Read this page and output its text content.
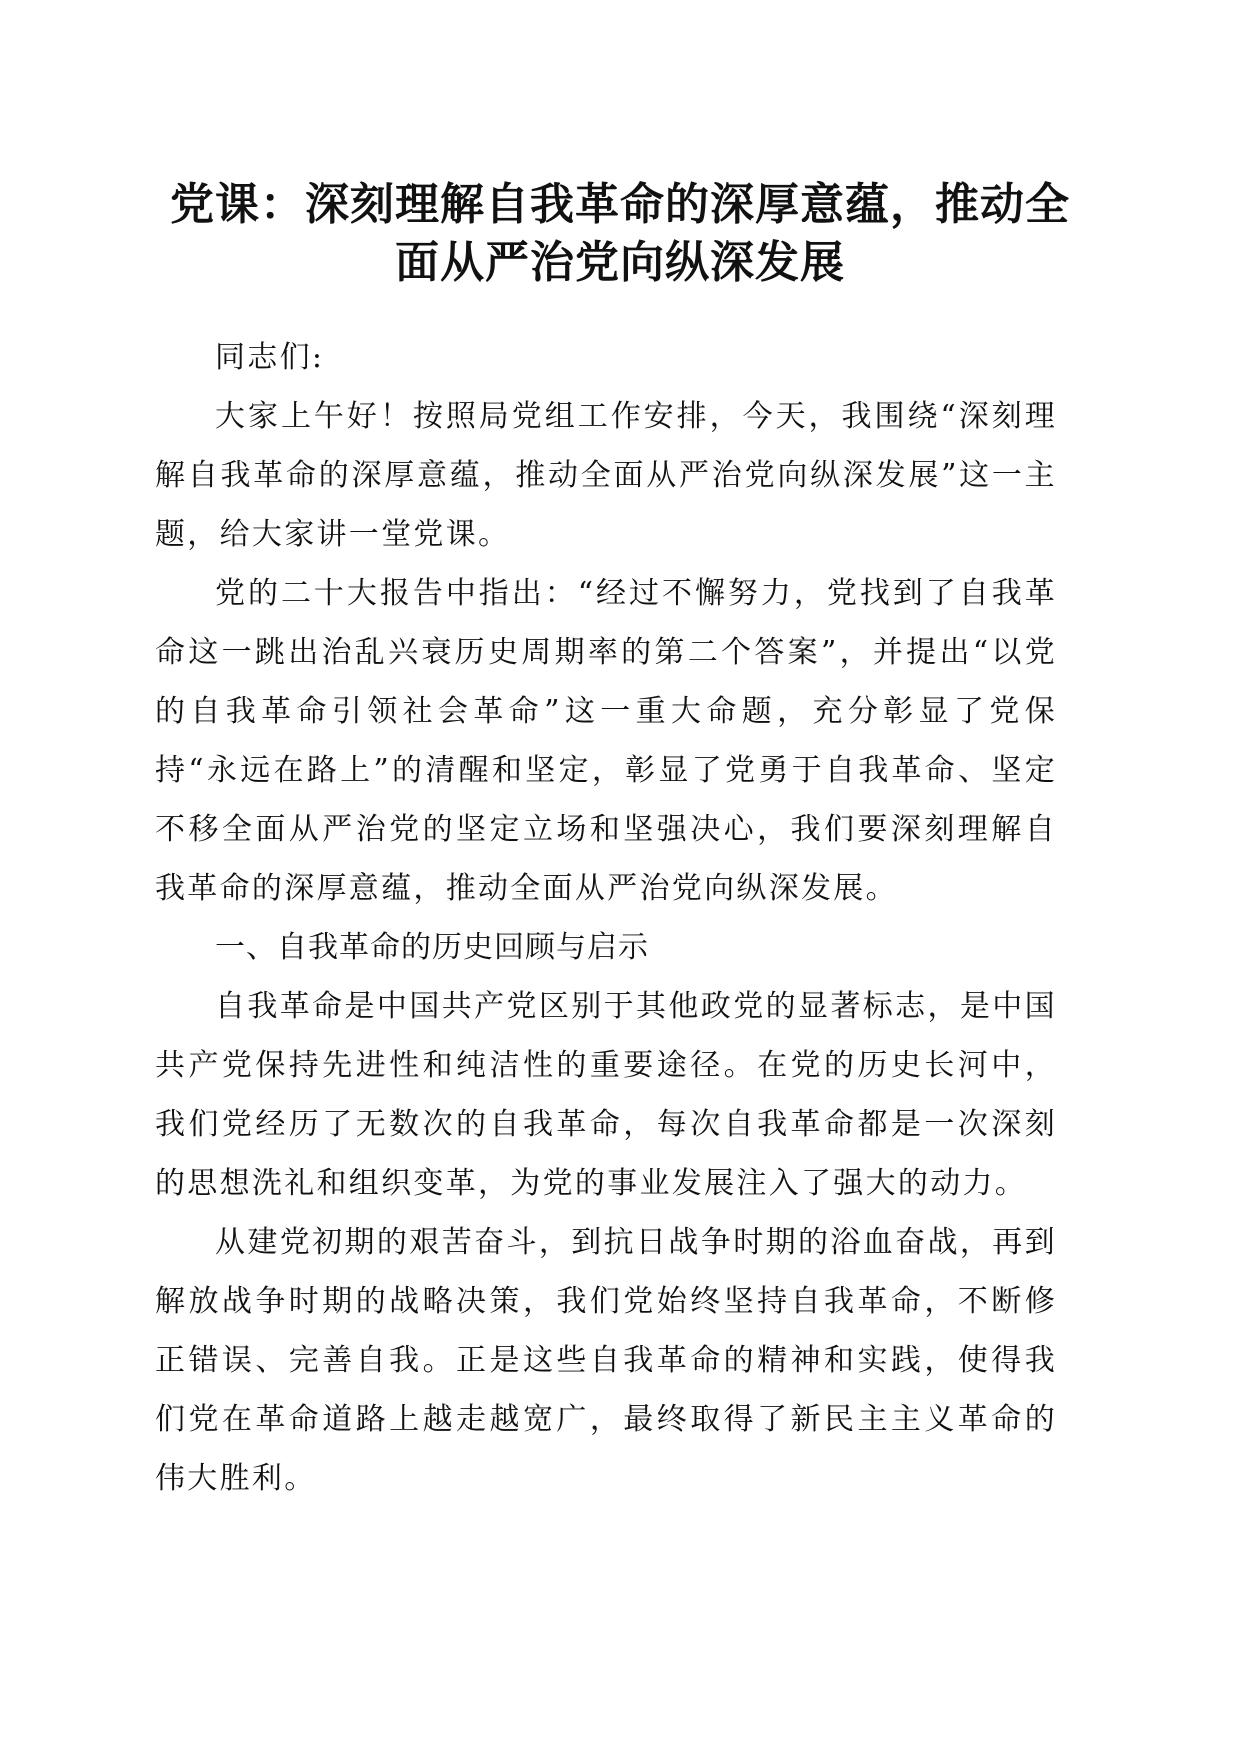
党课：深刻理解自我革命的深厚意蕴，推动全面从严治党向纵深发展

同志们:

大家上午好！按照局党组工作安排，今天，我围绕“深刻理解自我革命的深厚意蕴，推动全面从严治党向纵深发展”这一主题，给大家讲一堂党课。

党的二十大报告中指出：“经过不懈努力，党找到了自我革命这一跳出治乱兴衰历史周期率的第二个答案”，并提出“以党的自我革命引领社会革命”这一重大命题，充分彰显了党保持“永远在路上”的清醒和坚定，彰显了党勇于自我革命、坚定不移全面从严治党的坚定立场和坚强决心，我们要深刻理解自我革命的深厚意蕴，推动全面从严治党向纵深发展。

一、自我革命的历史回顾与启示

自我革命是中国共产党区别于其他政党的显著标志，是中国共产党保持先进性和纯洁性的重要途径。在党的历史长河中，我们党经历了无数次的自我革命，每次自我革命都是一次深刻的思想洗礼和组织变革，为党的事业发展注入了强大的动力。

从建党初期的艰苦奋斗，到抗日战争时期的浴血奋战，再到解放战争时期的战略决策，我们党始终坚持自我革命，不断修正错误、完善自我。正是这些自我革命的精神和实践，使得我们党在革命道路上越走越宽广，最终取得了新民主主义革命的伟大胜利。
